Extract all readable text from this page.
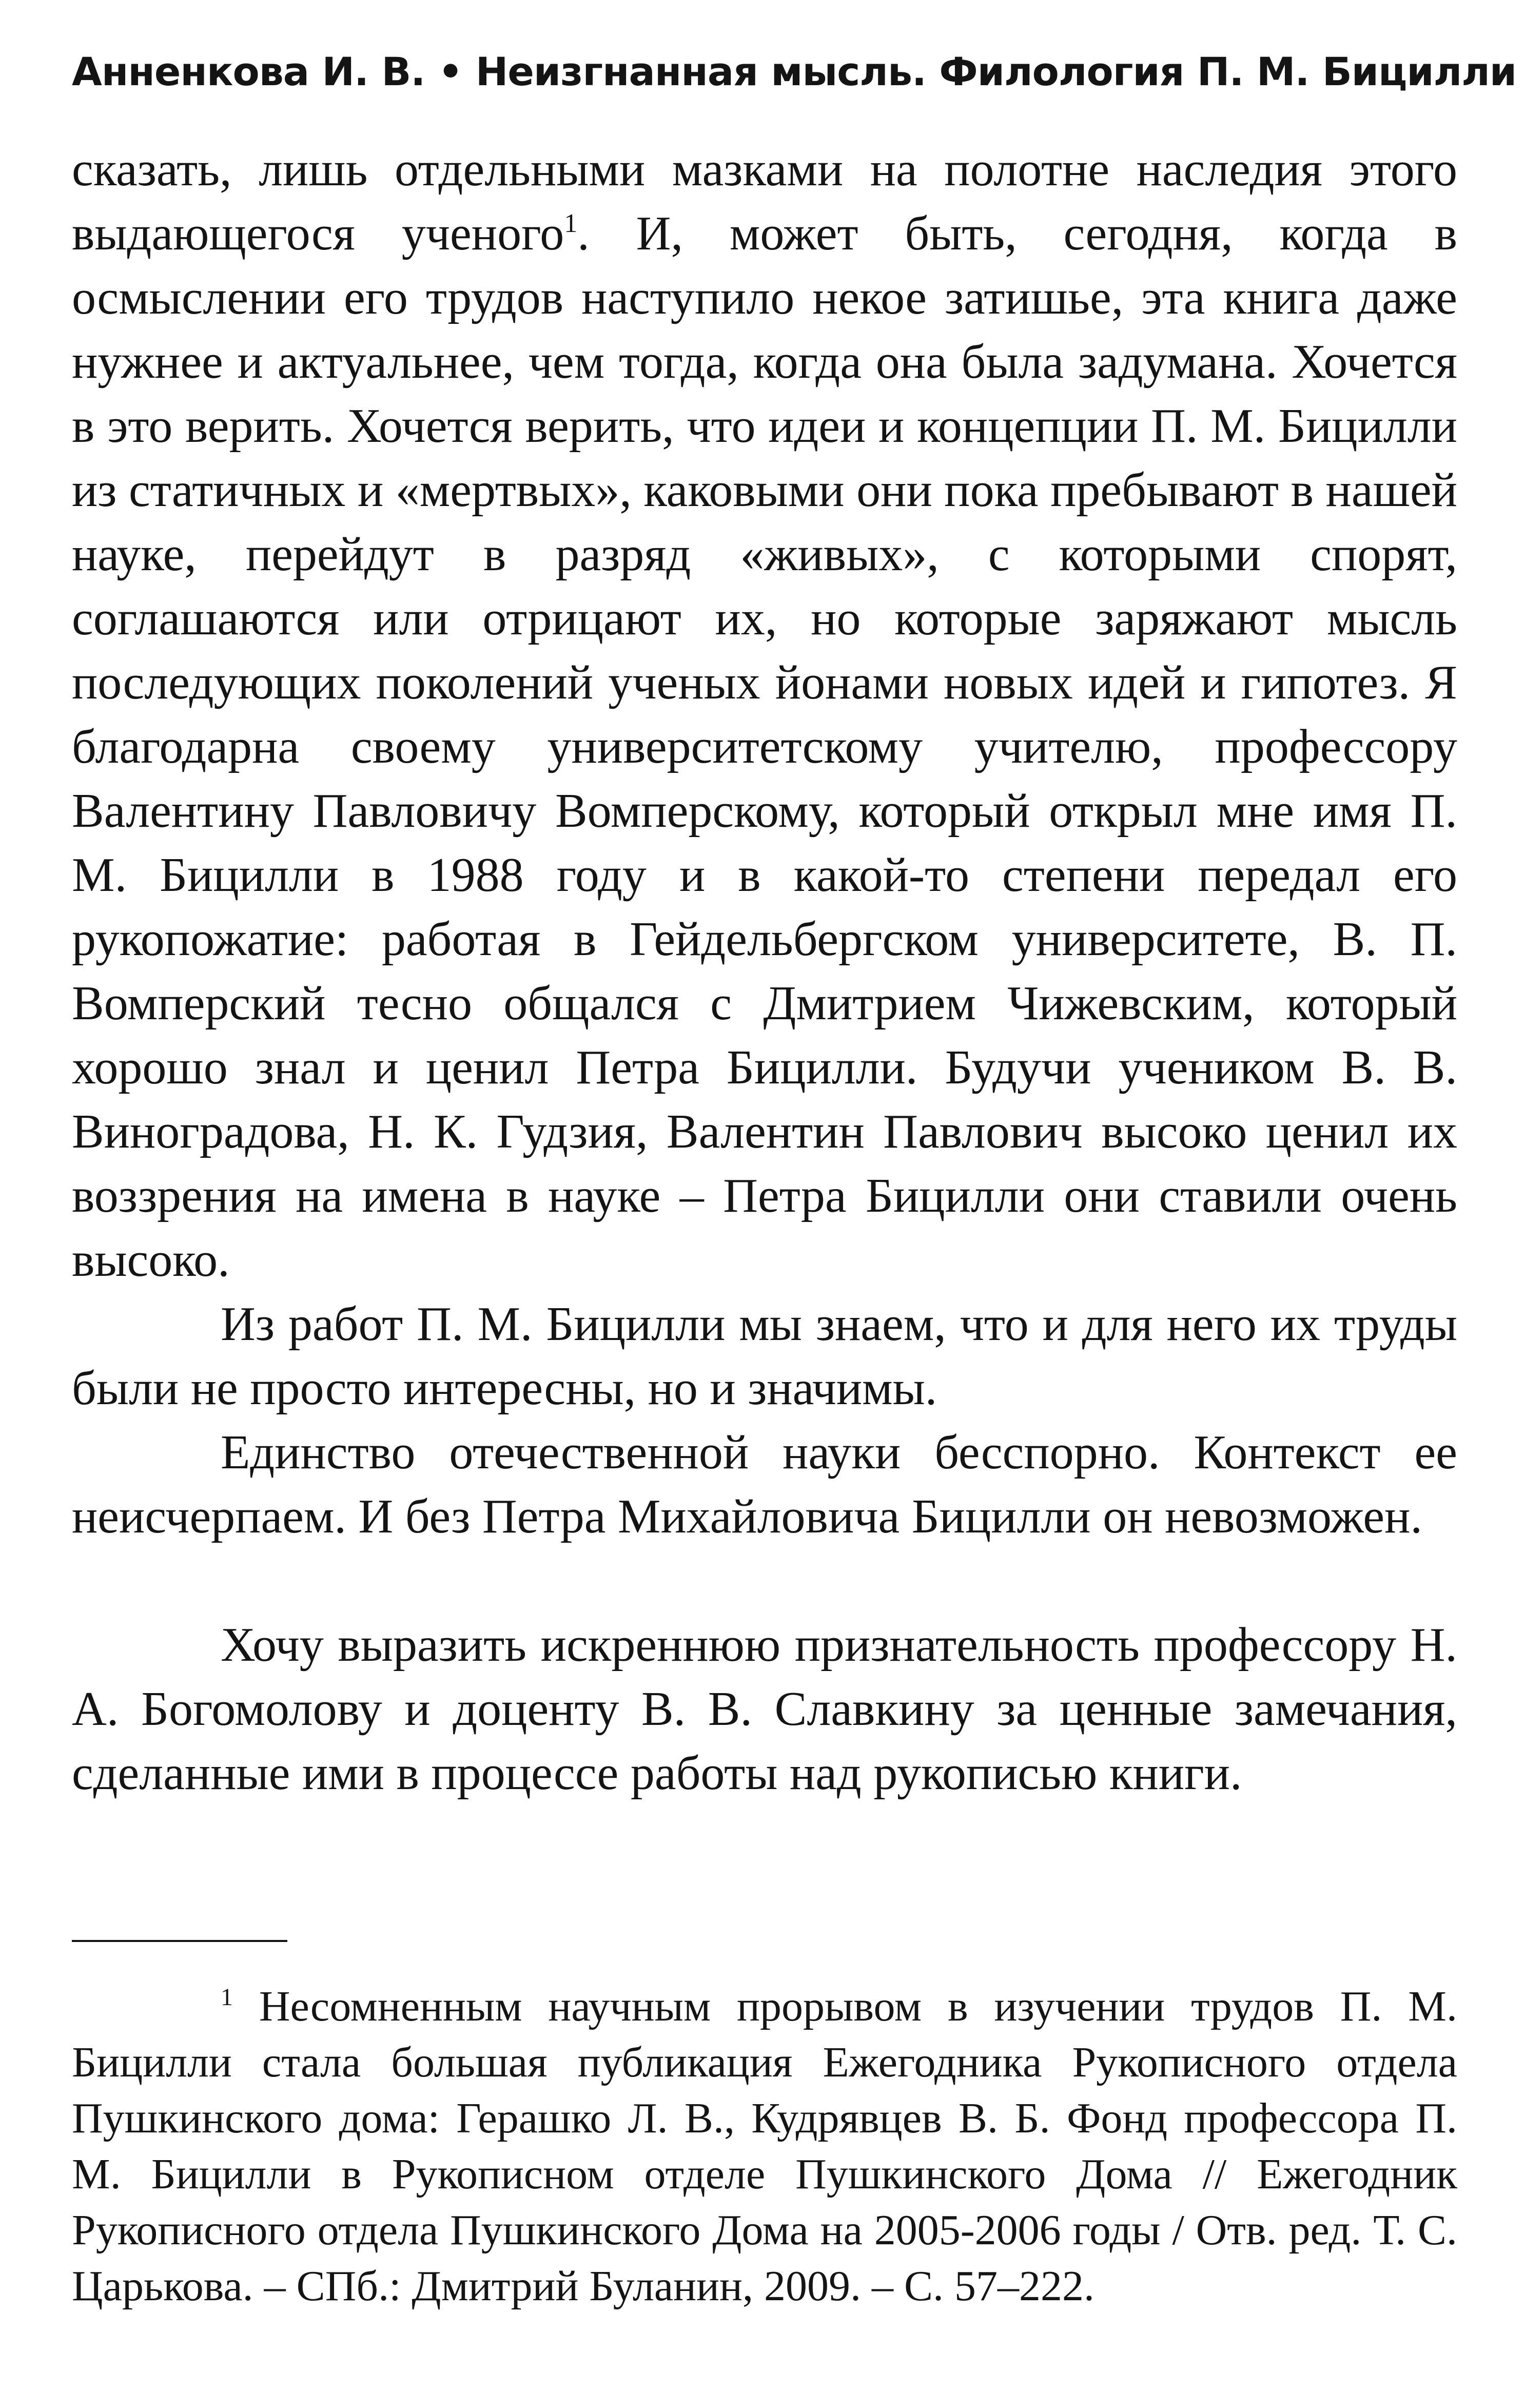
Анненкова И. В. • Неизгнанная мысль. Филология П. М. Бицилли

сказать, лишь отдельными мазками на полотне наследия этого выдающегося ученого$^1$. И, может быть, сегодня, когда в осмыслении его трудов наступило некое затишье, эта книга даже нужнее и актуальнее, чем тогда, когда она была задумана. Хочется в это верить. Хочется верить, что идеи и концепции П. М. Бицилли из статичных и «мертвых», каковыми они пока пребывают в нашей науке, перейдут в разряд «живых», с которыми спорят, соглашаются или отрицают их, но которые заряжают мысль последующих поколений ученых йонами новых идей и гипотез. Я благодарна своему университетскому учителю, профессору Валентину Павловичу Вомперскому, который открыл мне имя П. М. Бицилли в 1988 году и в какой-то степени передал его рукопожатие: работая в Гейдельбергском университете, В. П. Вомперский тесно общался с Дмитрием Чижевским, который хорошо знал и ценил Петра Бицилли. Будучи учеником В. В. Виноградова, Н. К. Гудзия, Валентин Павлович высоко ценил их воззрения на имена в науке – Петра Бицилли они ставили очень высоко.

Из работ П. М. Бицилли мы знаем, что и для него их труды были не просто интересны, но и значимы.

Единство отечественной науки бесспорно. Контекст ее неисчерпаем. И без Петра Михайловича Бицилли он невозможен.

Хочу выразить искреннюю признательность профессору Н. А. Богомолову и доценту В. В. Славкину за ценные замечания, сделанные ими в процессе работы над рукописью книги.

$^1$ Несомненным научным прорывом в изучении трудов П. М. Бицилли стала большая публикация Ежегодника Рукописного отдела Пушкинского дома: Герашко Л. В., Кудрявцев В. Б. Фонд профессора П. М. Бицилли в Рукописном отделе Пушкинского Дома // Ежегодник Рукописного отдела Пушкинского Дома на 2005-2006 годы / Отв. ред. Т. С. Царькова. – СПб.: Дмитрий Буланин, 2009. – С. 57–222.
